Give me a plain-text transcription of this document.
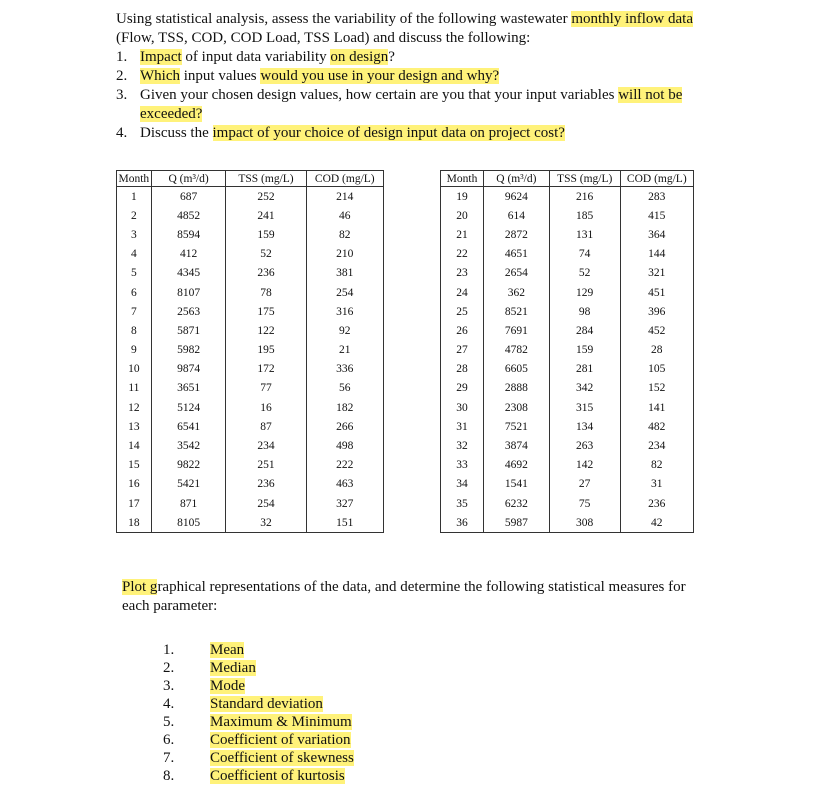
Using statistical analysis, assess the variability of the following wastewater monthly inflow data (Flow, TSS, COD, COD Load, TSS Load) and discuss the following:

1. Impact of input data variability on design?
2. Which input values would you use in your design and why?
3. Given your chosen design values, how certain are you that your input variables will not be exceeded?
4. Discuss the impact of your choice of design input data on project cost?
Month	Q (m³/d)	TSS (mg/L)	COD (mg/L)
1	687	252	214
2	4852	241	46
3	8594	159	82
4	412	52	210
5	4345	236	381
6	8107	78	254
7	2563	175	316
8	5871	122	92
9	5982	195	21
10	9874	172	336
11	3651	77	56
12	5124	16	182
13	6541	87	266
14	3542	234	498
15	9822	251	222
16	5421	236	463
17	871	254	327
18	8105	32	151
Month	Q (m³/d)	TSS (mg/L)	COD (mg/L)
19	9624	216	283
20	614	185	415
21	2872	131	364
22	4651	74	144
23	2654	52	321
24	362	129	451
25	8521	98	396
26	7691	284	452
27	4782	159	28
28	6605	281	105
29	2888	342	152
30	2308	315	141
31	7521	134	482
32	3874	263	234
33	4692	142	82
34	1541	27	31
35	6232	75	236
36	5987	308	42

Plot graphical representations of the data, and determine the following statistical measures for each parameter:

1. Mean
2. Median
3. Mode
4. Standard deviation
5. Maximum & Minimum
6. Coefficient of variation
7. Coefficient of skewness
8. Coefficient of kurtosis
